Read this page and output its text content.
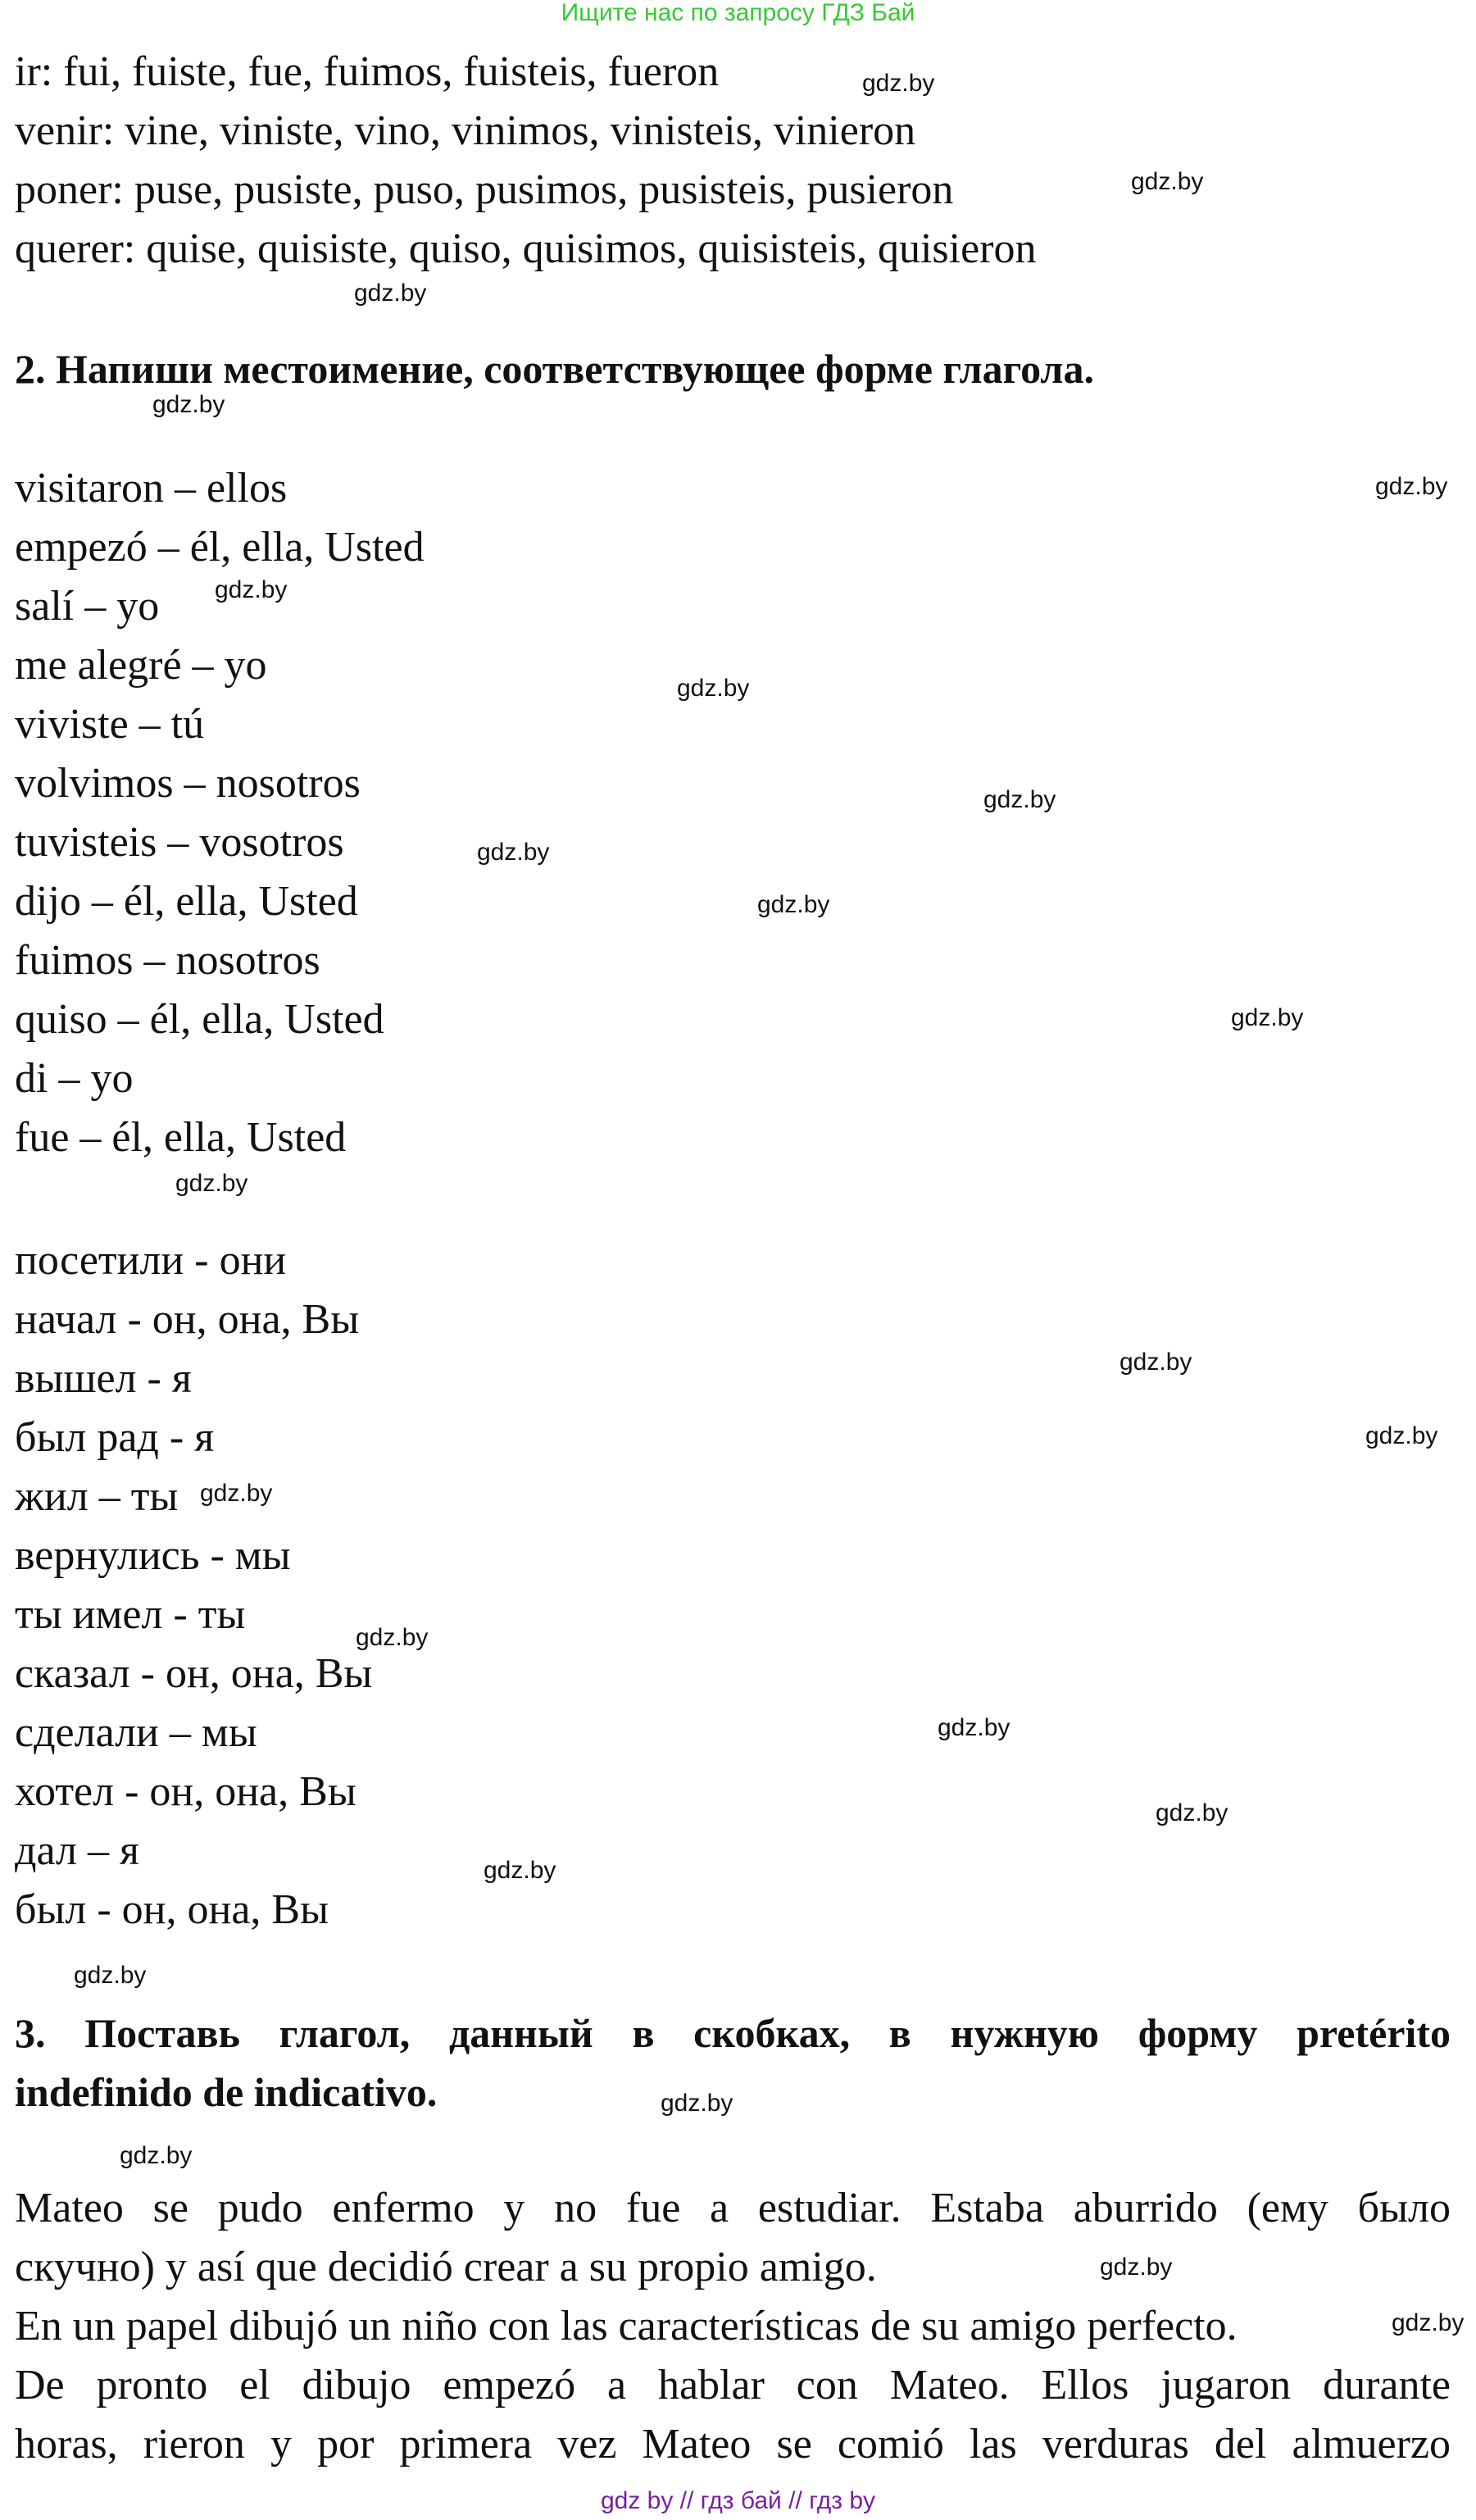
Ищите нас по запросу ГДЗ Бай
ir: fui, fuiste, fue, fuimos, fuisteis, fueron
venir: vine, viniste, vino, vinimos, vinisteis, vinieron
poner: puse, pusiste, puso, pusimos, pusisteis, pusieron
querer: quise, quisiste, quiso, quisimos, quisisteis, quisieron
2. Напиши местоимение, соответствующее форме глагола.
visitaron – ellos
empezó – él, ella, Usted
salí – yo
me alegré – yo
viviste – tú
volvimos – nosotros
tuvisteis – vosotros
dijo – él, ella, Usted
fuimos – nosotros
quiso – él, ella, Usted
di – yo
fue – él, ella, Usted
посетили - они
начал - он, она, Вы
вышел - я
был рад - я
жил – ты
вернулись - мы
ты имел - ты
сказал - он, она, Вы
сделали – мы
хотел - он, она, Вы
дал – я
был - он, она, Вы
3. Поставь глагол, данный в скобках, в нужную форму pretérito
indefinido de indicativo.
Mateo se pudo enfermo y no fue a estudiar. Estaba aburrido (ему было
скучно) y así que decidió crear a su propio amigo.
En un papel dibujó un niño con las características de su amigo perfecto.
De pronto el dibujo empezó a hablar con Mateo. Ellos jugaron durante
horas, rieron y por primera vez Mateo se comió las verduras del almuerzo
gdz.by
gdz.by
gdz.by
gdz.by
gdz.by
gdz.by
gdz.by
gdz.by
gdz.by
gdz.by
gdz.by
gdz.by
gdz.by
gdz.by
gdz.by
gdz.by
gdz.by
gdz.by
gdz.by
gdz.by
gdz.by
gdz.by
gdz.by
gdz.by
gdz by // гдз бай // гдз by
